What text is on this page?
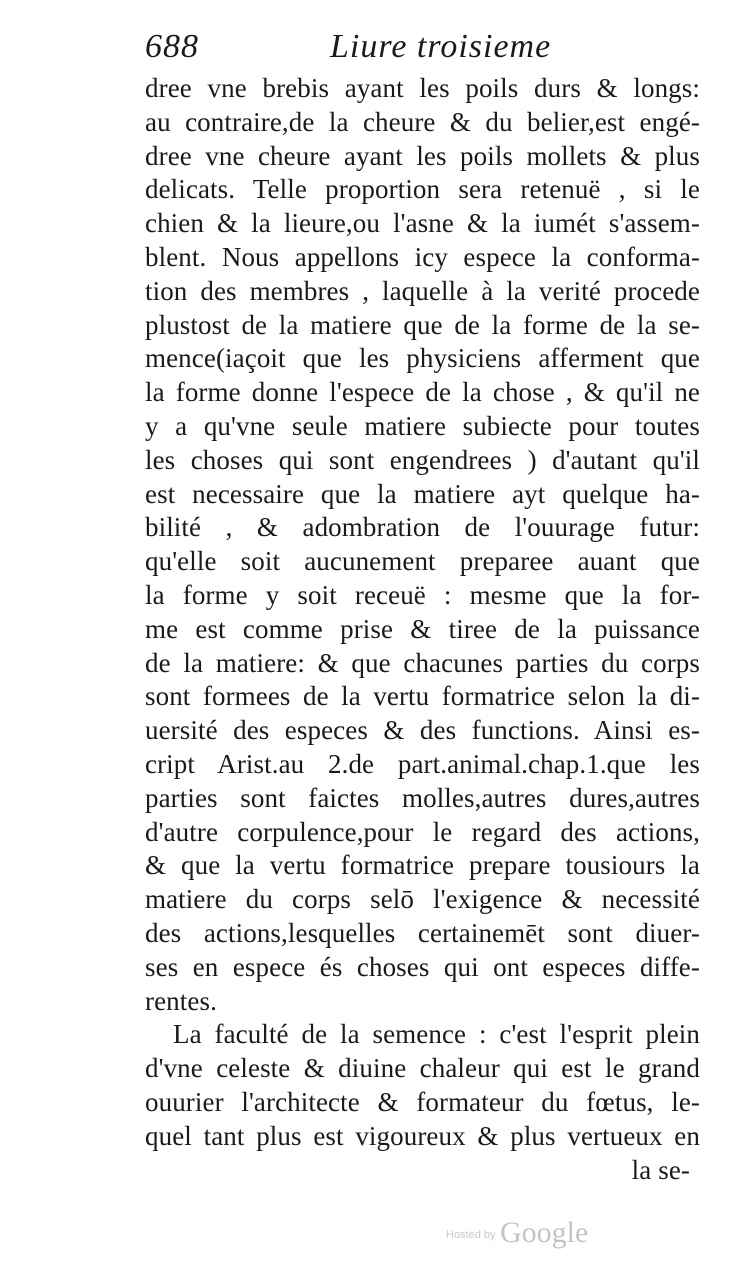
688	Liure troisieme
dree vne brebis ayant les poils durs & longs:
au contraire,de la cheure & du belier,est engé-
dree vne cheure ayant les poils mollets & plus
delicats. Telle proportion sera retenuë , si le
chien & la lieure,ou l'asne & la iumét s'assem-
blent. Nous appellons icy espece la conforma-
tion des membres , laquelle à la verité procede
plustost de la matiere que de la forme de la se-
mence(iaçoit que les physiciens afferment que
la forme donne l'espece de la chose , & qu'il ne
y a qu'vne seule matiere subiecte pour toutes
les choses qui sont engendrees ) d'autant qu'il
est necessaire que la matiere ayt quelque ha-
bilité , & adombration de l'ouurage futur:
qu'elle soit aucunement preparee auant que
la forme y soit receuë : mesme que la for-
me est comme prise & tiree de la puissance
de la matiere: & que chacunes parties du corps
sont formees de la vertu formatrice selon la di-
uersité des especes & des functions. Ainsi es-
cript Arist.au 2.de part.animal.chap.1.que les
parties sont faictes molles,autres dures,autres
d'autre corpulence,pour le regard des actions,
& que la vertu formatrice prepare tousiours la
matiere du corps selō l'exigence & necessité
des actions,lesquelles certainemēt sont diuer-
ses en espece és choses qui ont especes diffe-
rentes.
La faculté de la semence : c'est l'esprit plein
d'vne celeste & diuine chaleur qui est le grand
ouurier l'architecte & formateur du fœtus, le-
quel tant plus est vigoureux & plus vertueux en
la se-
$^{Hosted by}$ Google
